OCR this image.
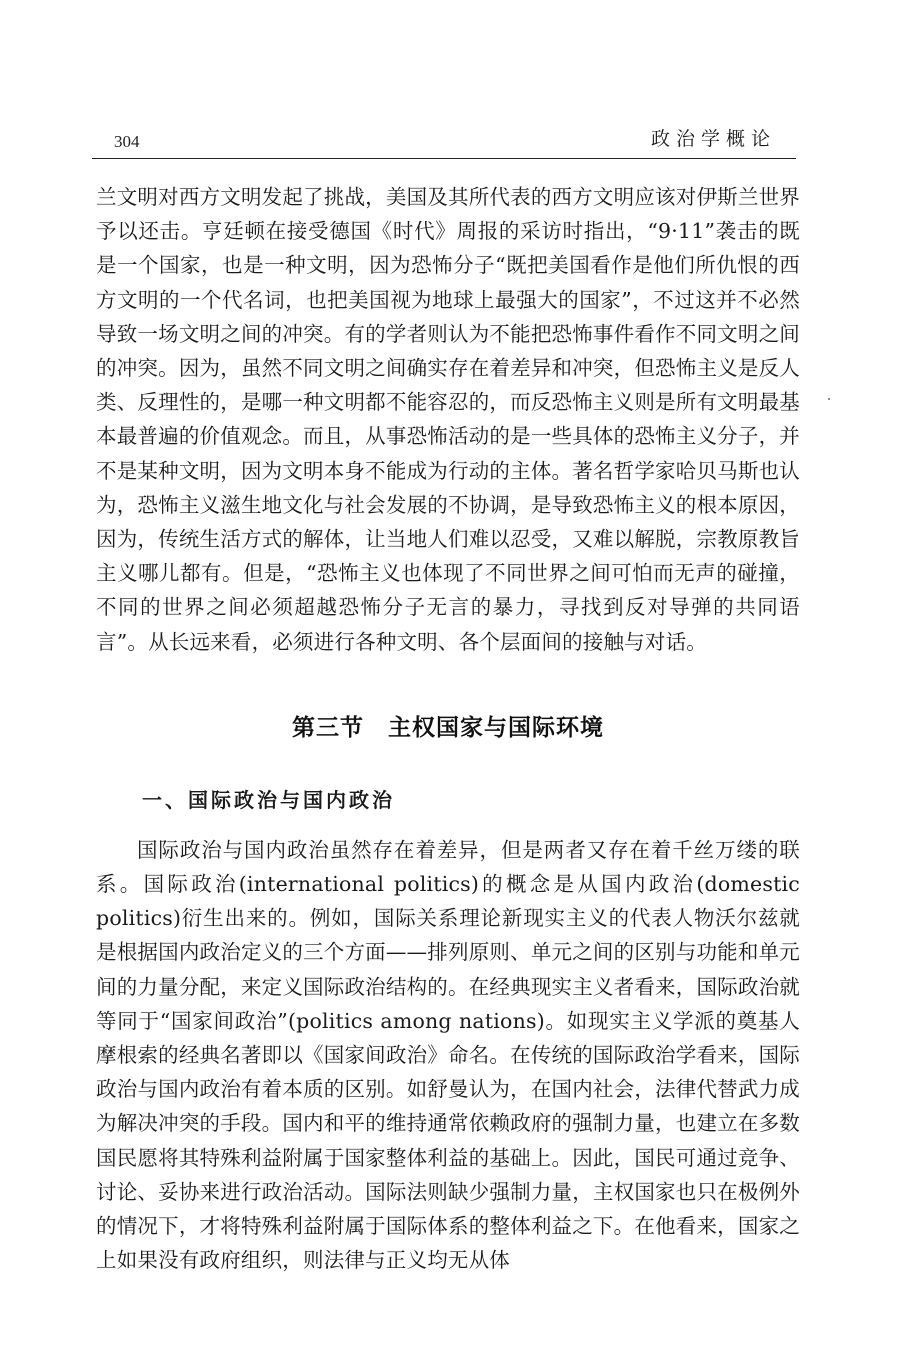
304	政治学概论

兰文明对西方文明发起了挑战，美国及其所代表的西方文明应该对伊斯兰世界予以还击。亨廷顿在接受德国《时代》周报的采访时指出，“9·11”袭击的既是一个国家，也是一种文明，因为恐怖分子“既把美国看作是他们所仇恨的西方文明的一个代名词，也把美国视为地球上最强大的国家”，不过这并不必然导致一场文明之间的冲突。有的学者则认为不能把恐怖事件看作不同文明之间的冲突。因为，虽然不同文明之间确实存在着差异和冲突，但恐怖主义是反人类、反理性的，是哪一种文明都不能容忍的，而反恐怖主义则是所有文明最基本最普遍的价值观念。而且，从事恐怖活动的是一些具体的恐怖主义分子，并不是某种文明，因为文明本身不能成为行动的主体。著名哲学家哈贝马斯也认为，恐怖主义滋生地文化与社会发展的不协调，是导致恐怖主义的根本原因，因为，传统生活方式的解体，让当地人们难以忍受，又难以解脱，宗教原教旨主义哪儿都有。但是，“恐怖主义也体现了不同世界之间可怕而无声的碰撞，不同的世界之间必须超越恐怖分子无言的暴力，寻找到反对导弹的共同语言”。从长远来看，必须进行各种文明、各个层面间的接触与对话。

第三节　主权国家与国际环境
一、国际政治与国内政治

国际政治与国内政治虽然存在着差异，但是两者又存在着千丝万缕的联系。国际政治(international politics)的概念是从国内政治(domestic politics)衍生出来的。例如，国际关系理论新现实主义的代表人物沃尔兹就是根据国内政治定义的三个方面——排列原则、单元之间的区别与功能和单元间的力量分配，来定义国际政治结构的。在经典现实主义者看来，国际政治就等同于“国家间政治”(politics among nations)。如现实主义学派的奠基人摩根索的经典名著即以《国家间政治》命名。在传统的国际政治学看来，国际政治与国内政治有着本质的区别。如舒曼认为，在国内社会，法律代替武力成为解决冲突的手段。国内和平的维持通常依赖政府的强制力量，也建立在多数国民愿将其特殊利益附属于国家整体利益的基础上。因此，国民可通过竞争、讨论、妥协来进行政治活动。国际法则缺少强制力量，主权国家也只在极例外的情况下，才将特殊利益附属于国际体系的整体利益之下。在他看来，国家之上如果没有政府组织，则法律与正义均无从体
